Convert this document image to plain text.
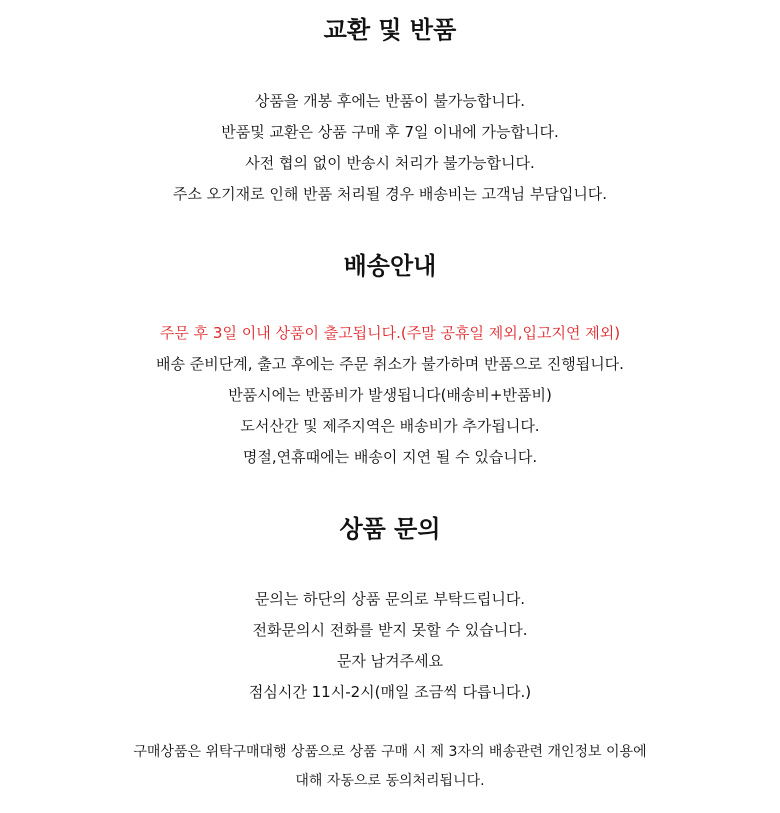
교환 및 반품
상품을 개봉 후에는 반품이 불가능합니다.
반품및 교환은 상품 구매 후 7일 이내에 가능합니다.
사전 협의 없이 반송시 처리가 불가능합니다.
주소 오기재로 인해 반품 처리될 경우 배송비는 고객님 부담입니다.
배송안내
주문 후 3일 이내 상품이 출고됩니다.(주말 공휴일 제외,입고지연 제외)
배송 준비단계, 출고 후에는 주문 취소가 불가하며 반품으로 진행됩니다.
반품시에는 반품비가 발생됩니다(배송비+반품비)
도서산간 및 제주지역은 배송비가 추가됩니다.
명절,연휴때에는 배송이 지연 될 수 있습니다.
상품 문의
문의는 하단의 상품 문의로 부탁드립니다.
전화문의시 전화를 받지 못할 수 있습니다.
문자 남겨주세요
점심시간 11시-2시(매일 조금씩 다릅니다.)
구매상품은 위탁구매대행 상품으로 상품 구매 시 제 3자의 배송관련 개인정보 이용에
대해 자동으로 동의처리됩니다.
